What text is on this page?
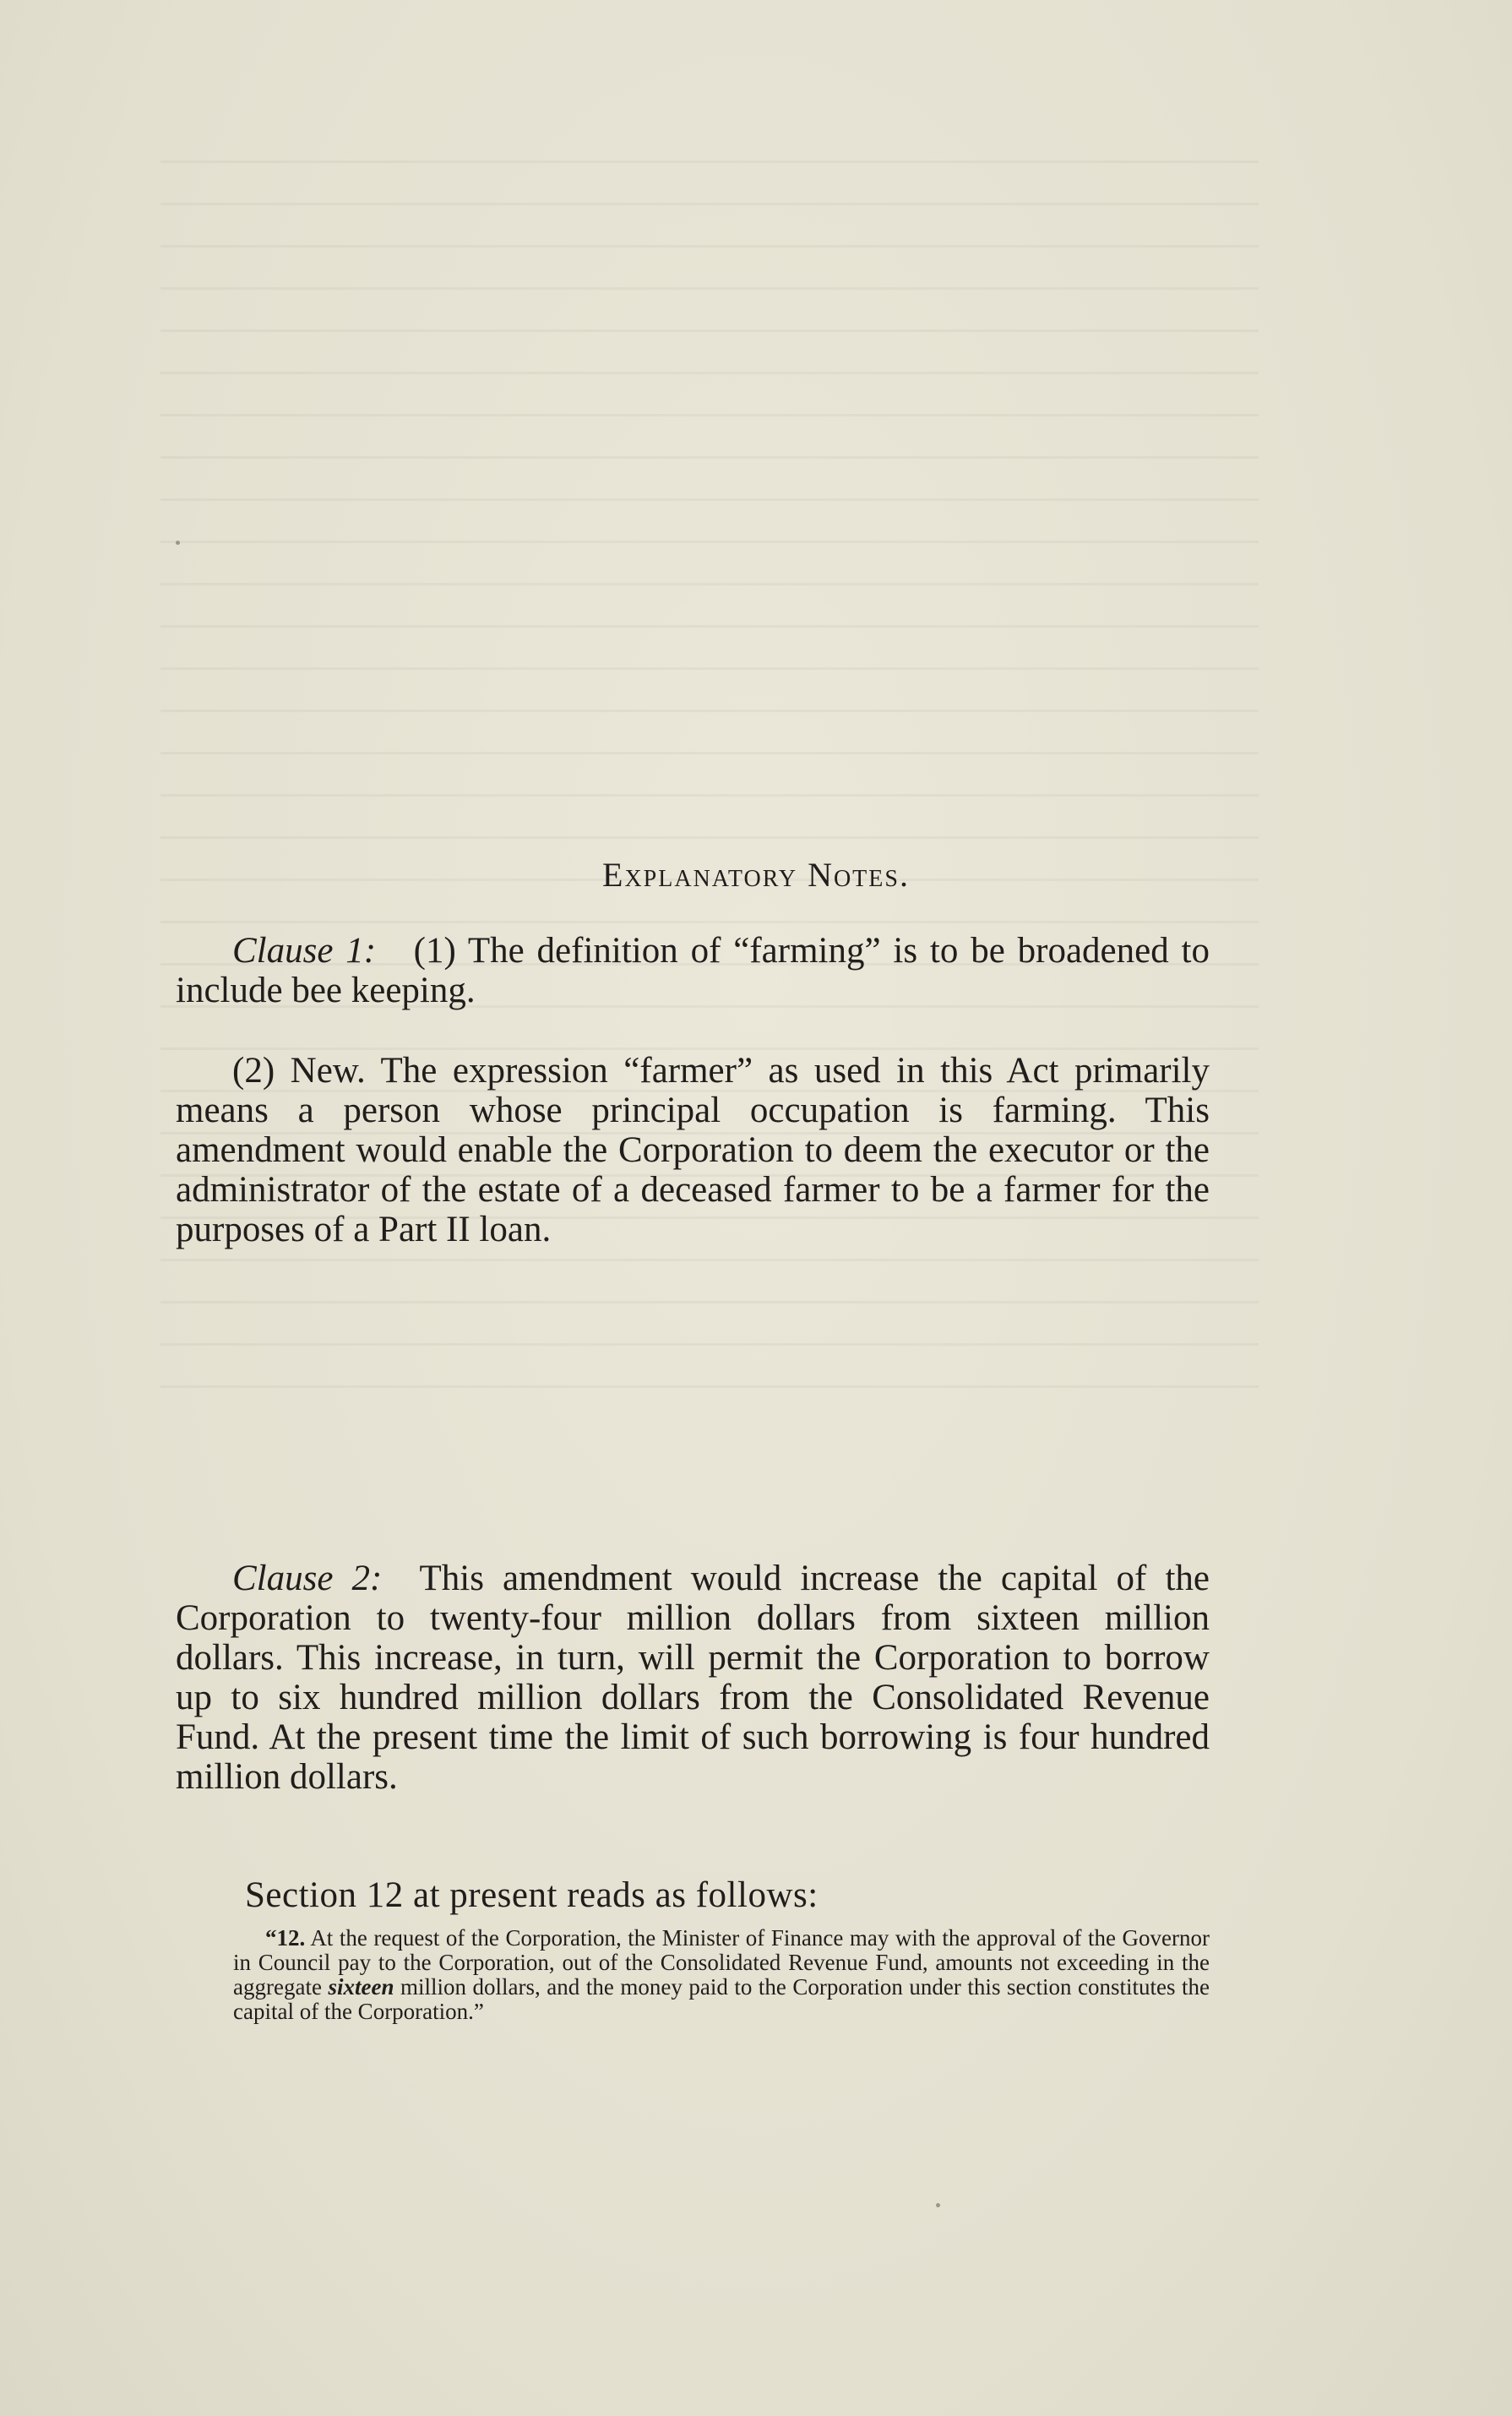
Explanatory Notes.

Clause 1: (1) The definition of “farming” is to be broadened to include bee keeping.

(2) New. The expression “farmer” as used in this Act primarily means a person whose principal occupation is farming. This amendment would enable the Corporation to deem the executor or the administrator of the estate of a deceased farmer to be a farmer for the purposes of a Part II loan.

Clause 2: This amendment would increase the capital of the Corporation to twenty-four million dollars from sixteen million dollars. This increase, in turn, will permit the Corporation to borrow up to six hundred million dollars from the Consolidated Revenue Fund. At the present time the limit of such borrowing is four hundred million dollars.

Section 12 at present reads as follows:

“12. At the request of the Corporation, the Minister of Finance may with the approval of the Governor in Council pay to the Corporation, out of the Consolidated Revenue Fund, amounts not exceeding in the aggregate sixteen million dollars, and the money paid to the Corporation under this section constitutes the capital of the Corporation.”
